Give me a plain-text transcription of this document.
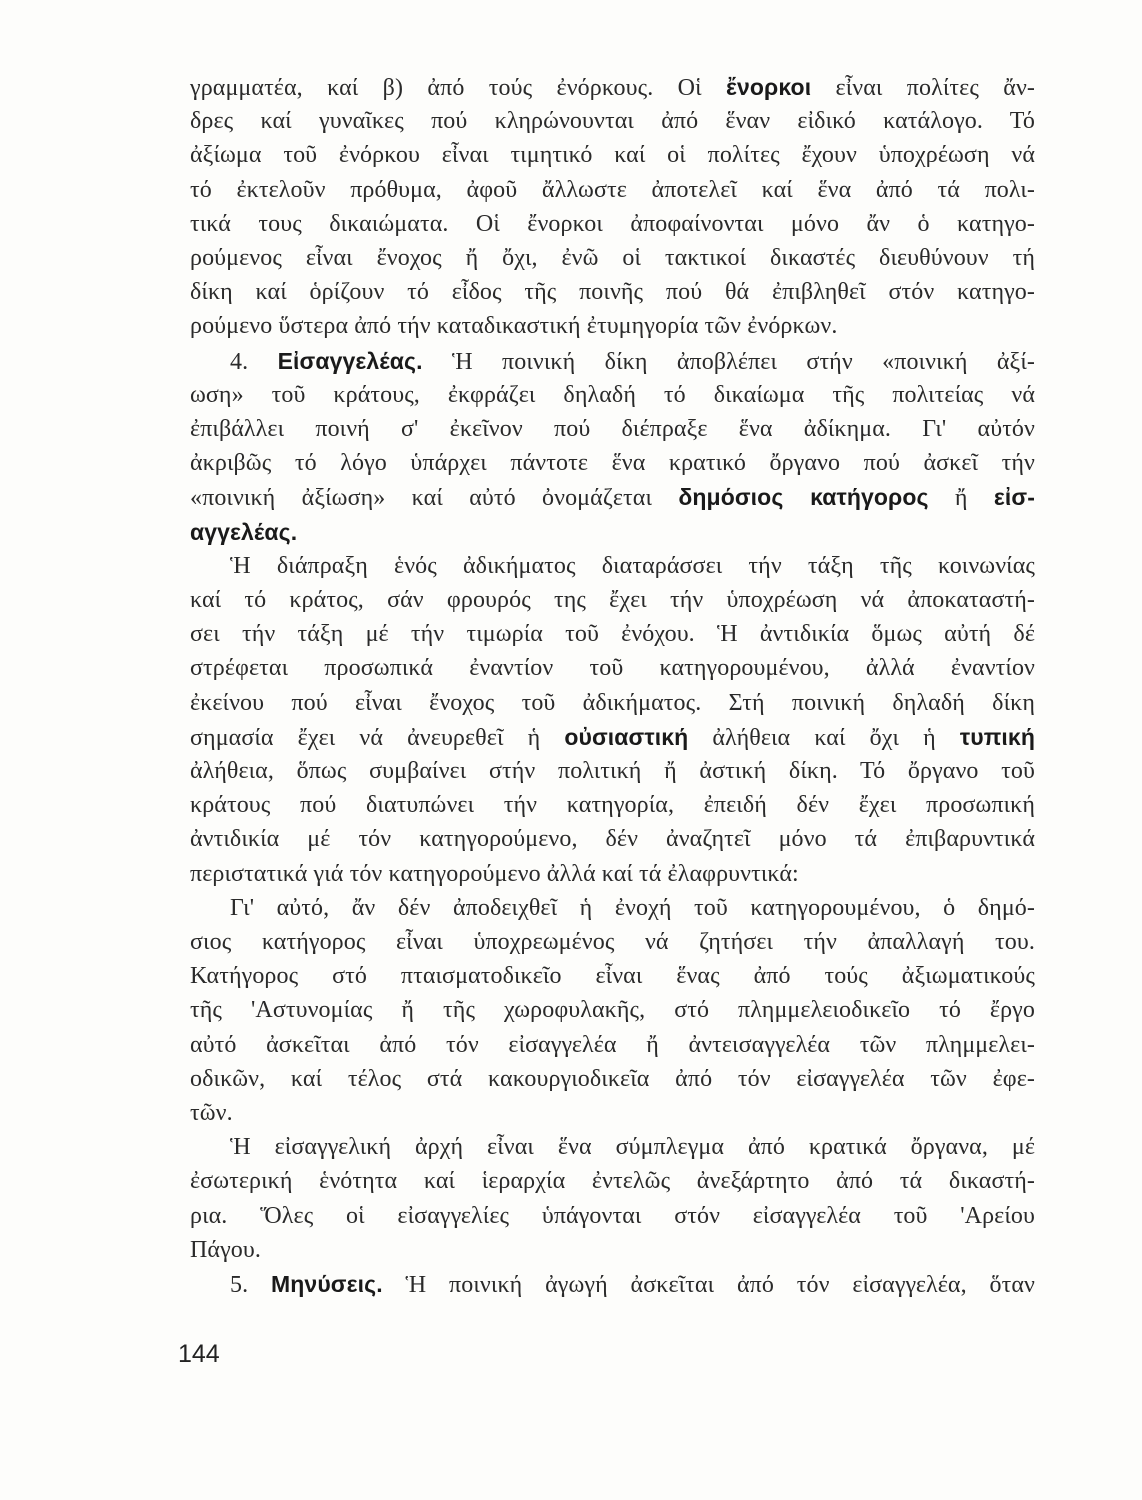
γραμματέα, καί β) ἀπό τούς ἐνόρκους. Οἱ ἔνορκοι εἶναι πολίτες ἄν-
δρες καί γυναῖκες πού κληρώνουνται ἀπό ἕναν εἰδικό κατάλογο. Τό
ἀξίωμα τοῦ ἐνόρκου εἶναι τιμητικό καί οἱ πολίτες ἔχουν ὑποχρέωση νά
τό ἐκτελοῦν πρόθυμα, ἀφοῦ ἄλλωστε ἀποτελεῖ καί ἕνα ἀπό τά πολι-
τικά τους δικαιώματα. Οἱ ἔνορκοι ἀποφαίνονται μόνο ἄν ὁ κατηγο-
ρούμενος εἶναι ἔνοχος ἤ ὄχι, ἐνῶ οἱ τακτικοί δικαστές διευθύνουν τή
δίκη καί ὁρίζουν τό εἶδος τῆς ποινῆς πού θά ἐπιβληθεῖ στόν κατηγο-
ρούμενο ὕστερα ἀπό τήν καταδικαστική ἐτυμηγορία τῶν ἐνόρκων.
4. Εἰσαγγελέας. Ἡ ποινική δίκη ἀποβλέπει στήν «ποινική ἀξί-
ωση» τοῦ κράτους, ἐκφράζει δηλαδή τό δικαίωμα τῆς πολιτείας νά
ἐπιβάλλει ποινή σ' ἐκεῖνον πού διέπραξε ἕνα ἀδίκημα. Γι' αὐτόν
ἀκριβῶς τό λόγο ὑπάρχει πάντοτε ἕνα κρατικό ὄργανο πού ἀσκεῖ τήν
«ποινική ἀξίωση» καί αὐτό ὀνομάζεται δημόσιος κατήγορος ἤ εἰσ-
αγγελέας.
Ἡ διάπραξη ἑνός ἀδικήματος διαταράσσει τήν τάξη τῆς κοινωνίας
καί τό κράτος, σάν φρουρός της ἔχει τήν ὑποχρέωση νά ἀποκαταστή-
σει τήν τάξη μέ τήν τιμωρία τοῦ ἐνόχου. Ἡ ἀντιδικία ὅμως αὐτή δέ
στρέφεται προσωπικά ἐναντίον τοῦ κατηγορουμένου, ἀλλά ἐναντίον
ἐκείνου πού εἶναι ἔνοχος τοῦ ἀδικήματος. Στή ποινική δηλαδή δίκη
σημασία ἔχει νά ἀνευρεθεῖ ἡ οὐσιαστική ἀλήθεια καί ὄχι ἡ τυπική
ἀλήθεια, ὅπως συμβαίνει στήν πολιτική ἤ ἀστική δίκη. Τό ὄργανο τοῦ
κράτους πού διατυπώνει τήν κατηγορία, ἐπειδή δέν ἔχει προσωπική
ἀντιδικία μέ τόν κατηγορούμενο, δέν ἀναζητεῖ μόνο τά ἐπιβαρυντικά
περιστατικά γιά τόν κατηγορούμενο ἀλλά καί τά ἐλαφρυντικά:
Γι' αὐτό, ἄν δέν ἀποδειχθεῖ ἡ ἐνοχή τοῦ κατηγορουμένου, ὁ δημό-
σιος κατήγορος εἶναι ὑποχρεωμένος νά ζητήσει τήν ἀπαλλαγή του.
Κατήγορος στό πταισματοδικεῖο εἶναι ἕνας ἀπό τούς ἀξιωματικούς
τῆς 'Αστυνομίας ἤ τῆς χωροφυλακῆς, στό πλημμελειοδικεῖο τό ἔργο
αὐτό ἀσκεῖται ἀπό τόν εἰσαγγελέα ἤ ἀντεισαγγελέα τῶν πλημμελει-
οδικῶν, καί τέλος στά κακουργιοδικεῖα ἀπό τόν εἰσαγγελέα τῶν ἐφε-
τῶν.
Ἡ εἰσαγγελική ἀρχή εἶναι ἕνα σύμπλεγμα ἀπό κρατικά ὄργανα, μέ
ἐσωτερική ἑνότητα καί ἱεραρχία ἐντελῶς ἀνεξάρτητο ἀπό τά δικαστή-
ρια. Ὅλες οἱ εἰσαγγελίες ὑπάγονται στόν εἰσαγγελέα τοῦ 'Αρείου
Πάγου.
5. Μηνύσεις. Ἡ ποινική ἀγωγή ἀσκεῖται ἀπό τόν εἰσαγγελέα, ὅταν
144
